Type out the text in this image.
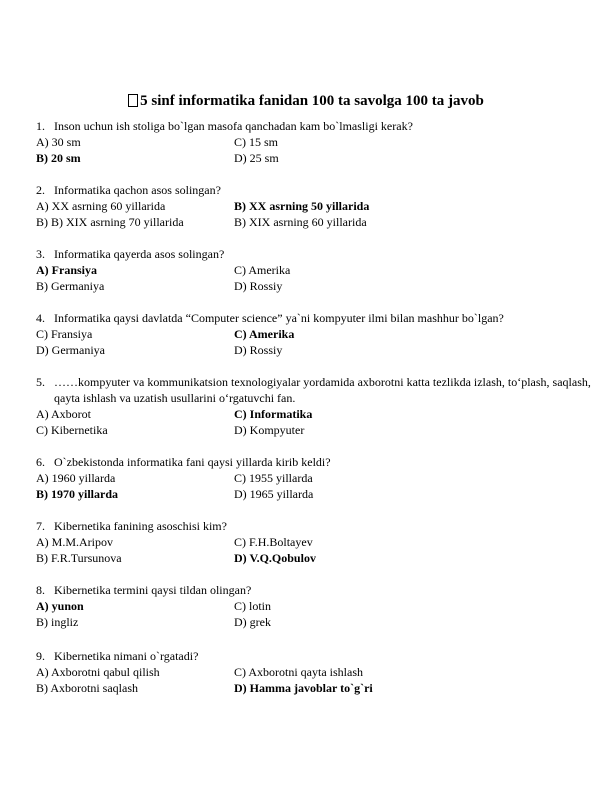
5 sinf informatika fanidan 100 ta savolga 100 ta javob
1. Inson uchun ish stoliga bo`lgan masofa qanchadan kam bo`lmasligi kerak?
A) 30 sm	C) 15 sm
B) 20 sm	D) 25 sm
2. Informatika qachon asos solingan?
A) XX asrning 60 yillarida	B) XX asrning 50 yillarida
B) B) XIX asrning 70 yillarida	B) XIX asrning 60 yillarida
3. Informatika qayerda asos solingan?
A) Fransiya	C) Amerika
B) Germaniya	D) Rossiy
4. Informatika qaysi davlatda “Computer science” ya`ni kompyuter ilmi bilan mashhur bo`lgan?
C) Fransiya	C) Amerika
D) Germaniya	D) Rossiy
5. ……kompyuter va kommunikatsion texnologiyalar yordamida axborotni katta tezlikda izlash, to‘plash, saqlash, qayta ishlash va uzatish usullarini o‘rgatuvchi fan.
A) Axborot	C) Informatika
C) Kibernetika	D) Kompyuter
6. O`zbekistonda informatika fani qaysi yillarda kirib keldi?
A) 1960 yillarda	C) 1955 yillarda
B) 1970 yillarda	D) 1965 yillarda
7. Kibernetika fanining asoschisi kim?
A) M.M.Aripov	C) F.H.Boltayev
B) F.R.Tursunova	D) V.Q.Qobulov
8. Kibernetika termini qaysi tildan olingan?
A) yunon	C) lotin
B) ingliz	D) grek
9. Kibernetika nimani o`rgatadi?
A) Axborotni qabul qilish	C) Axborotni qayta ishlash
B) Axborotni saqlash	D) Hamma javoblar to`g`ri
